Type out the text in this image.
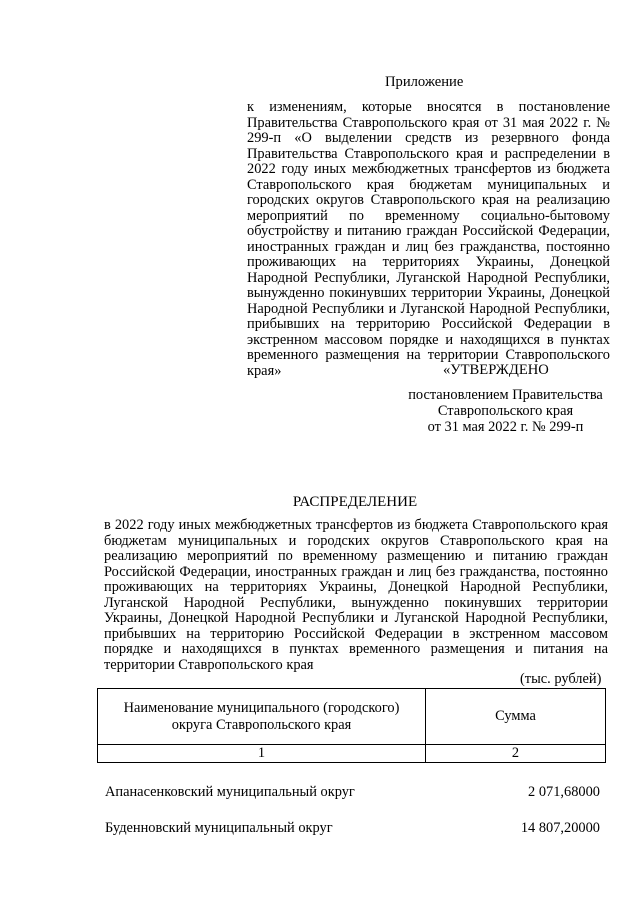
Приложение

к изменениям, которые вносятся в постановление Правительства Ставропольского края от 31 мая 2022 г. № 299-п «О выделении средств из резервного фонда Правительства Ставропольского края и распределении в 2022 году иных межбюджетных трансфертов из бюджета Ставропольского края бюджетам муниципальных и городских округов Ставропольского края на реализацию мероприятий по временному социально-бытовому обустройству и питанию граждан Российской Федерации, иностранных граждан и лиц без гражданства, постоянно проживающих на территориях Украины, Донецкой Народной Республики, Луганской Народной Республики, вынужденно покинувших территории Украины, Донецкой Народной Республики и Луганской Народной Республики, прибывших на территорию Российской Федерации в экстренном массовом порядке и находящихся в пунктах временного размещения на территории Ставропольского края»	«УТВЕРЖДЕНО

постановлением Правительства
Ставропольского края
от 31 мая 2022 г. № 299-п

РАСПРЕДЕЛЕНИЕ

в 2022 году иных межбюджетных трансфертов из бюджета Ставропольского края бюджетам муниципальных и городских округов Ставропольского края на реализацию мероприятий по временному размещению и питанию граждан Российской Федерации, иностранных граждан и лиц без гражданства, постоянно проживающих на территориях Украины, Донецкой Народной Республики, Луганской Народной Республики, вынужденно покинувших территории Украины, Донецкой Народной Республики и Луганской Народной Республики, прибывших на территорию Российской Федерации в экстренном массовом порядке и находящихся в пунктах временного размещения и питания на территории Ставропольского края

(тыс. рублей)

Наименование муниципального (городского)
округа Ставропольского края	Сумма
1	2
Апанасенковский муниципальный округ	2 071,68000
Буденновский муниципальный округ	14 807,20000
